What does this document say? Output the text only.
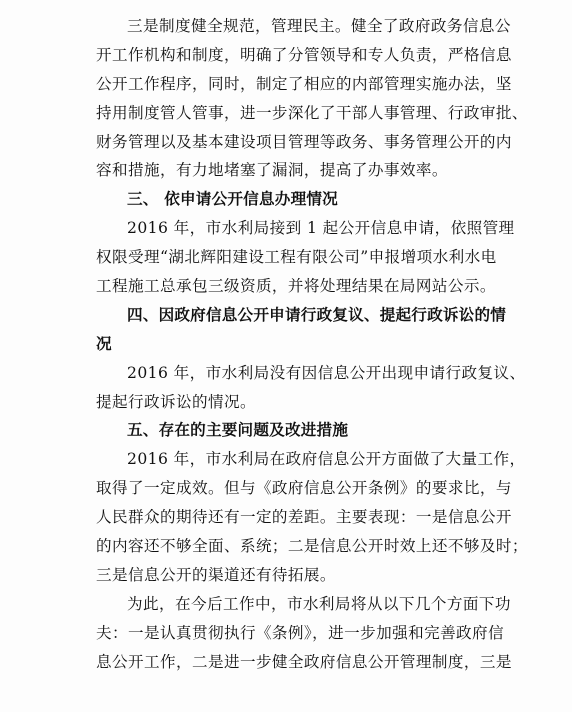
三是制度健全规范，管理民主。健全了政府政务信息公
开工作机构和制度，明确了分管领导和专人负责，严格信息
公开工作程序，同时，制定了相应的内部管理实施办法，坚
持用制度管人管事，进一步深化了干部人事管理、行政审批、
财务管理以及基本建设项目管理等政务、事务管理公开的内
容和措施，有力地堵塞了漏洞，提高了办事效率。
三、 依申请公开信息办理情况
2016 年，市水利局接到 1 起公开信息申请，依照管理
权限受理“湖北辉阳建设工程有限公司”申报增项水利水电
工程施工总承包三级资质，并将处理结果在局网站公示。
四、因政府信息公开申请行政复议、提起行政诉讼的情
况
2016 年，市水利局没有因信息公开出现申请行政复议、
提起行政诉讼的情况。
五、存在的主要问题及改进措施
2016 年，市水利局在政府信息公开方面做了大量工作，
取得了一定成效。但与《政府信息公开条例》的要求比，与
人民群众的期待还有一定的差距。主要表现：一是信息公开
的内容还不够全面、系统；二是信息公开时效上还不够及时；
三是信息公开的渠道还有待拓展。
为此，在今后工作中，市水利局将从以下几个方面下功
夫：一是认真贯彻执行《条例》，进一步加强和完善政府信
息公开工作，二是进一步健全政府信息公开管理制度，三是
